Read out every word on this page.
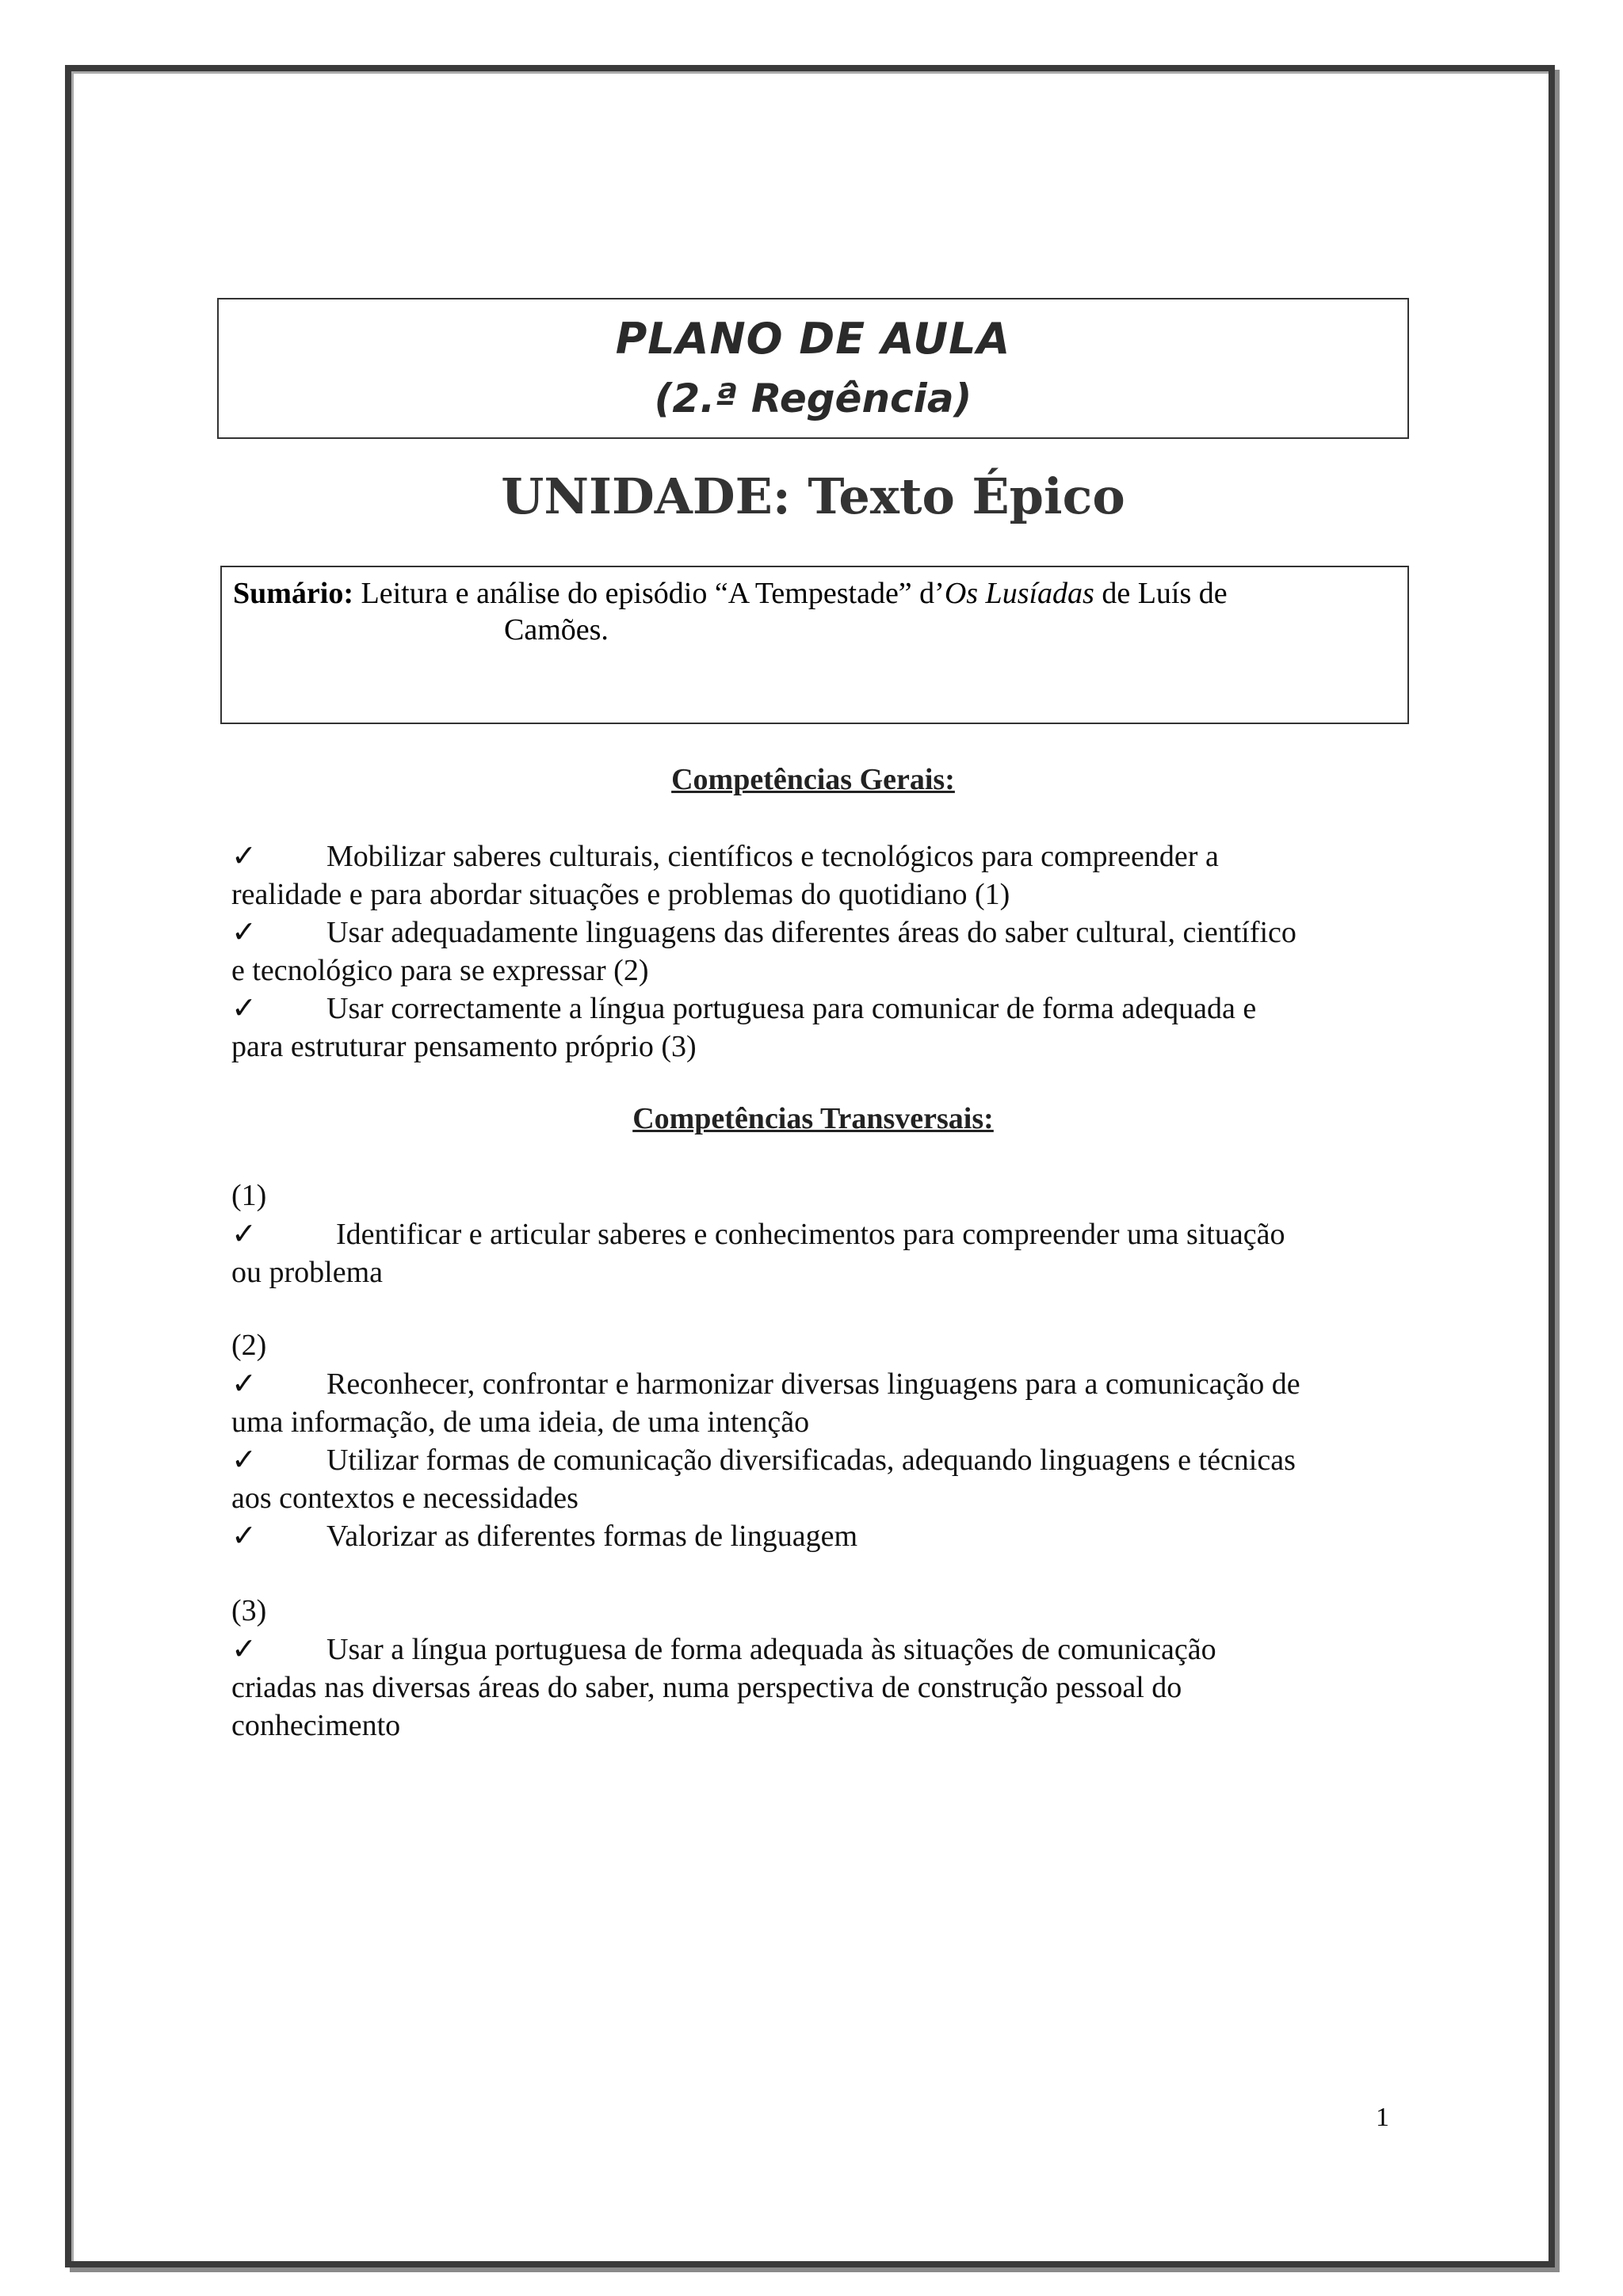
PLANO DE AULA
(2.ª Regência)
UNIDADE: Texto Épico
Sumário: Leitura e análise do episódio “A Tempestade” d’Os Lusíadas de Luís de
Camões.
Competências Gerais:
✓ Mobilizar saberes culturais, científicos e tecnológicos para compreender a
realidade e para abordar situações e problemas do quotidiano (1)
✓ Usar adequadamente linguagens das diferentes áreas do saber cultural, científico
e tecnológico para se expressar (2)
✓ Usar correctamente a língua portuguesa para comunicar de forma adequada e
para estruturar pensamento próprio (3)
Competências Transversais:
(1)
✓	Identificar e articular saberes e conhecimentos para compreender uma situação
ou problema
(2)
✓ Reconhecer, confrontar e harmonizar diversas linguagens para a comunicação de
uma informação, de uma ideia, de uma intenção
✓ Utilizar formas de comunicação diversificadas, adequando linguagens e técnicas
aos contextos e necessidades
✓ Valorizar as diferentes formas de linguagem
(3)
✓ Usar a língua portuguesa de forma adequada às situações de comunicação
criadas nas diversas áreas do saber, numa perspectiva de construção pessoal do
conhecimento
1
